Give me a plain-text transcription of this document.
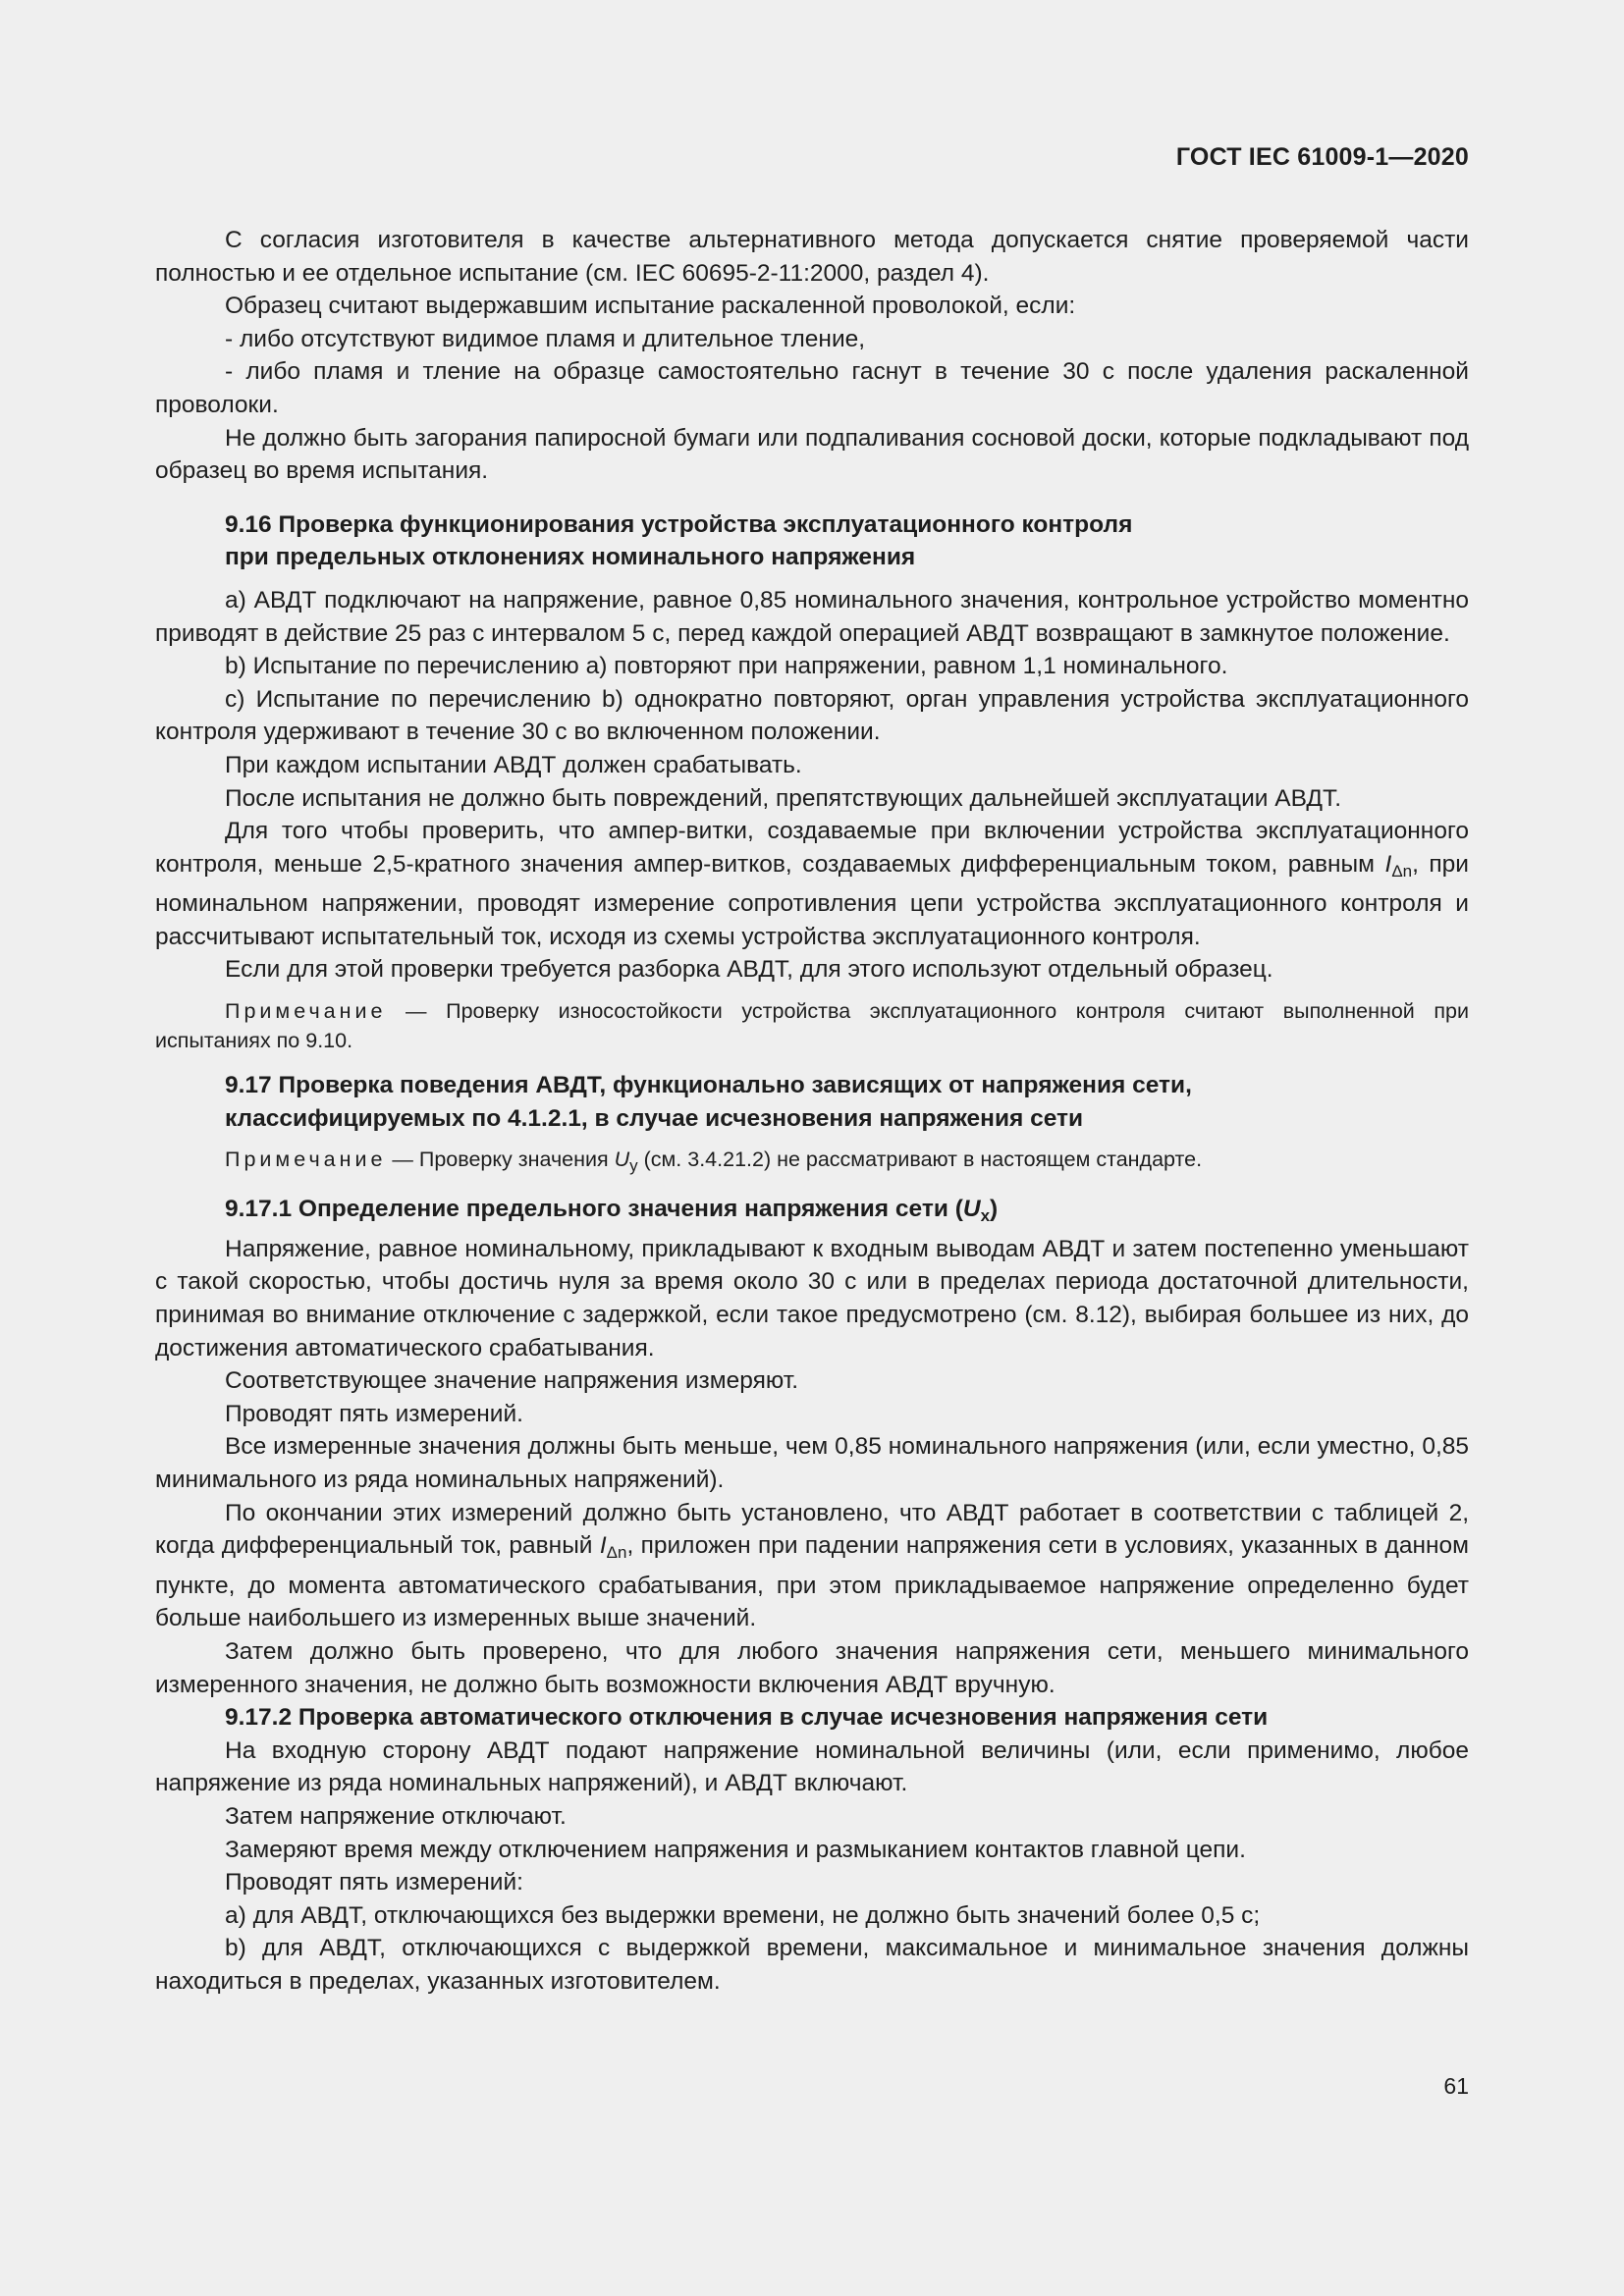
ГОСТ IEC 61009-1—2020

С согласия изготовителя в качестве альтернативного метода допускается снятие проверяемой части полностью и ее отдельное испытание (см. IEC 60695-2-11:2000, раздел 4).

Образец считают выдержавшим испытание раскаленной проволокой, если:

- либо отсутствуют видимое пламя и длительное тление,

- либо пламя и тление на образце самостоятельно гаснут в течение 30 с после удаления раскаленной проволоки.

Не должно быть загорания папиросной бумаги или подпаливания сосновой доски, которые подкладывают под образец во время испытания.

9.16 Проверка функционирования устройства эксплуатационного контроля
при предельных отклонениях номинального напряжения

а) АВДТ подключают на напряжение, равное 0,85 номинального значения, контрольное устройство моментно приводят в действие 25 раз с интервалом 5 с, перед каждой операцией АВДТ возвращают в замкнутое положение.

b) Испытание по перечислению а) повторяют при напряжении, равном 1,1 номинального.

с) Испытание по перечислению b) однократно повторяют, орган управления устройства эксплуатационного контроля удерживают в течение 30 с во включенном положении.

При каждом испытании АВДТ должен срабатывать.

После испытания не должно быть повреждений, препятствующих дальнейшей эксплуатации АВДТ.

Для того чтобы проверить, что ампер-витки, создаваемые при включении устройства эксплуатационного контроля, меньше 2,5-кратного значения ампер-витков, создаваемых дифференциальным током, равным $I_{\Delta n}$, при номинальном напряжении, проводят измерение сопротивления цепи устройства эксплуатационного контроля и рассчитывают испытательный ток, исходя из схемы устройства эксплуатационного контроля.

Если для этой проверки требуется разборка АВДТ, для этого используют отдельный образец.

Примечание — Проверку износостойкости устройства эксплуатационного контроля считают выполненной при испытаниях по 9.10.
9.17 Проверка поведения АВДТ, функционально зависящих от напряжения сети,
классифицируемых по 4.1.2.1, в случае исчезновения напряжения сети
Примечание — Проверку значения $U_y$ (см. 3.4.21.2) не рассматривают в настоящем стандарте.
9.17.1 Определение предельного значения напряжения сети $(U_x)$

Напряжение, равное номинальному, прикладывают к входным выводам АВДТ и затем постепенно уменьшают с такой скоростью, чтобы достичь нуля за время около 30 с или в пределах периода достаточной длительности, принимая во внимание отключение с задержкой, если такое предусмотрено (см. 8.12), выбирая большее из них, до достижения автоматического срабатывания.

Соответствующее значение напряжения измеряют.

Проводят пять измерений.

Все измеренные значения должны быть меньше, чем 0,85 номинального напряжения (или, если уместно, 0,85 минимального из ряда номинальных напряжений).

По окончании этих измерений должно быть установлено, что АВДТ работает в соответствии с таблицей 2, когда дифференциальный ток, равный $I_{\Delta n}$, приложен при падении напряжения сети в условиях, указанных в данном пункте, до момента автоматического срабатывания, при этом прикладываемое напряжение определенно будет больше наибольшего из измеренных выше значений.

Затем должно быть проверено, что для любого значения напряжения сети, меньшего минимального измеренного значения, не должно быть возможности включения АВДТ вручную.

9.17.2 Проверка автоматического отключения в случае исчезновения напряжения сети

На входную сторону АВДТ подают напряжение номинальной величины (или, если применимо, любое напряжение из ряда номинальных напряжений), и АВДТ включают.

Затем напряжение отключают.

Замеряют время между отключением напряжения и размыканием контактов главной цепи.

Проводят пять измерений:

а) для АВДТ, отключающихся без выдержки времени, не должно быть значений более 0,5 с;

b) для АВДТ, отключающихся с выдержкой времени, максимальное и минимальное значения должны находиться в пределах, указанных изготовителем.

61
